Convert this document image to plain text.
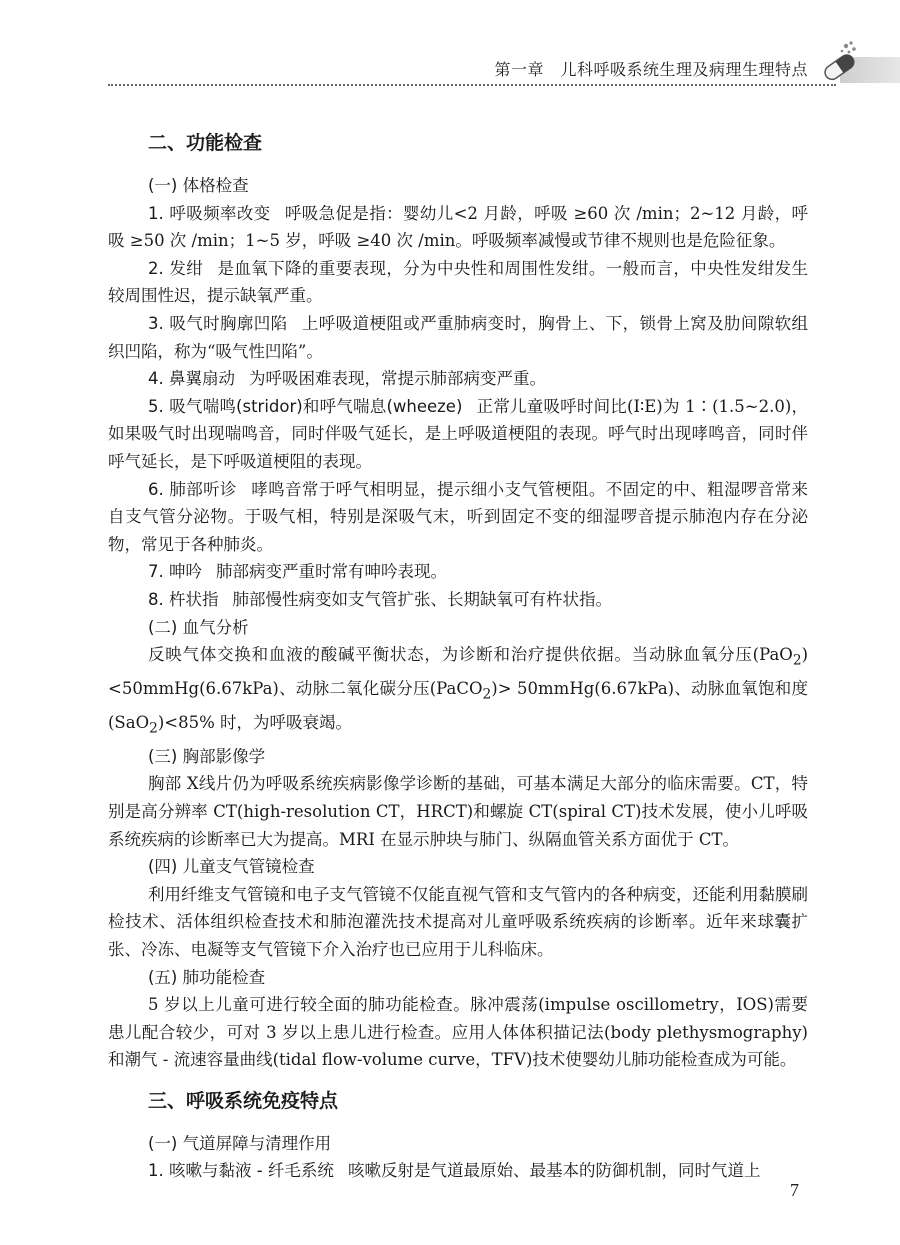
第一章　儿科呼吸系统生理及病理生理特点
二、功能检查
(一) 体格检查

1. 呼吸频率改变 呼吸急促是指：婴幼儿<2 月龄，呼吸 ≥60 次 /min；2~12 月龄，呼吸 ≥50 次 /min；1~5 岁，呼吸 ≥40 次 /min。呼吸频率减慢或节律不规则也是危险征象。

2. 发绀 是血氧下降的重要表现，分为中央性和周围性发绀。一般而言，中央性发绀发生较周围性迟，提示缺氧严重。

3. 吸气时胸廓凹陷 上呼吸道梗阻或严重肺病变时，胸骨上、下，锁骨上窝及肋间隙软组织凹陷，称为“吸气性凹陷”。

4. 鼻翼扇动 为呼吸困难表现，常提示肺部病变严重。

5. 吸气喘鸣(stridor)和呼气喘息(wheeze) 正常儿童吸呼时间比(I∶E)为 1∶(1.5~2.0)，如果吸气时出现喘鸣音，同时伴吸气延长，是上呼吸道梗阻的表现。呼气时出现哮鸣音，同时伴呼气延长，是下呼吸道梗阻的表现。

6. 肺部听诊 哮鸣音常于呼气相明显，提示细小支气管梗阻。不固定的中、粗湿啰音常来自支气管分泌物。于吸气相，特别是深吸气末，听到固定不变的细湿啰音提示肺泡内存在分泌物，常见于各种肺炎。

7. 呻吟 肺部病变严重时常有呻吟表现。

8. 杵状指 肺部慢性病变如支气管扩张、长期缺氧可有杵状指。

(二) 血气分析

反映气体交换和血液的酸碱平衡状态，为诊断和治疗提供依据。当动脉血氧分压(PaO$_2$)<50mmHg(6.67kPa)、动脉二氧化碳分压(PaCO$_2$)> 50mmHg(6.67kPa)、动脉血氧饱和度(SaO$_2$)<85% 时，为呼吸衰竭。

(三) 胸部影像学

胸部 X线片仍为呼吸系统疾病影像学诊断的基础，可基本满足大部分的临床需要。CT，特别是高分辨率 CT(high-resolution CT，HRCT)和螺旋 CT(spiral CT)技术发展，使小儿呼吸系统疾病的诊断率已大为提高。MRI 在显示肿块与肺门、纵隔血管关系方面优于 CT。

(四) 儿童支气管镜检查

利用纤维支气管镜和电子支气管镜不仅能直视气管和支气管内的各种病变，还能利用黏膜刷检技术、活体组织检查技术和肺泡灌洗技术提高对儿童呼吸系统疾病的诊断率。近年来球囊扩张、冷冻、电凝等支气管镜下介入治疗也已应用于儿科临床。

(五) 肺功能检查

5 岁以上儿童可进行较全面的肺功能检查。脉冲震荡(impulse oscillometry，IOS)需要患儿配合较少，可对 3 岁以上患儿进行检查。应用人体体积描记法(body plethysmography)和潮气 - 流速容量曲线(tidal flow-volume curve，TFV)技术使婴幼儿肺功能检查成为可能。

三、呼吸系统免疫特点
(一) 气道屏障与清理作用

1. 咳嗽与黏液 - 纤毛系统 咳嗽反射是气道最原始、最基本的防御机制，同时气道上

7
